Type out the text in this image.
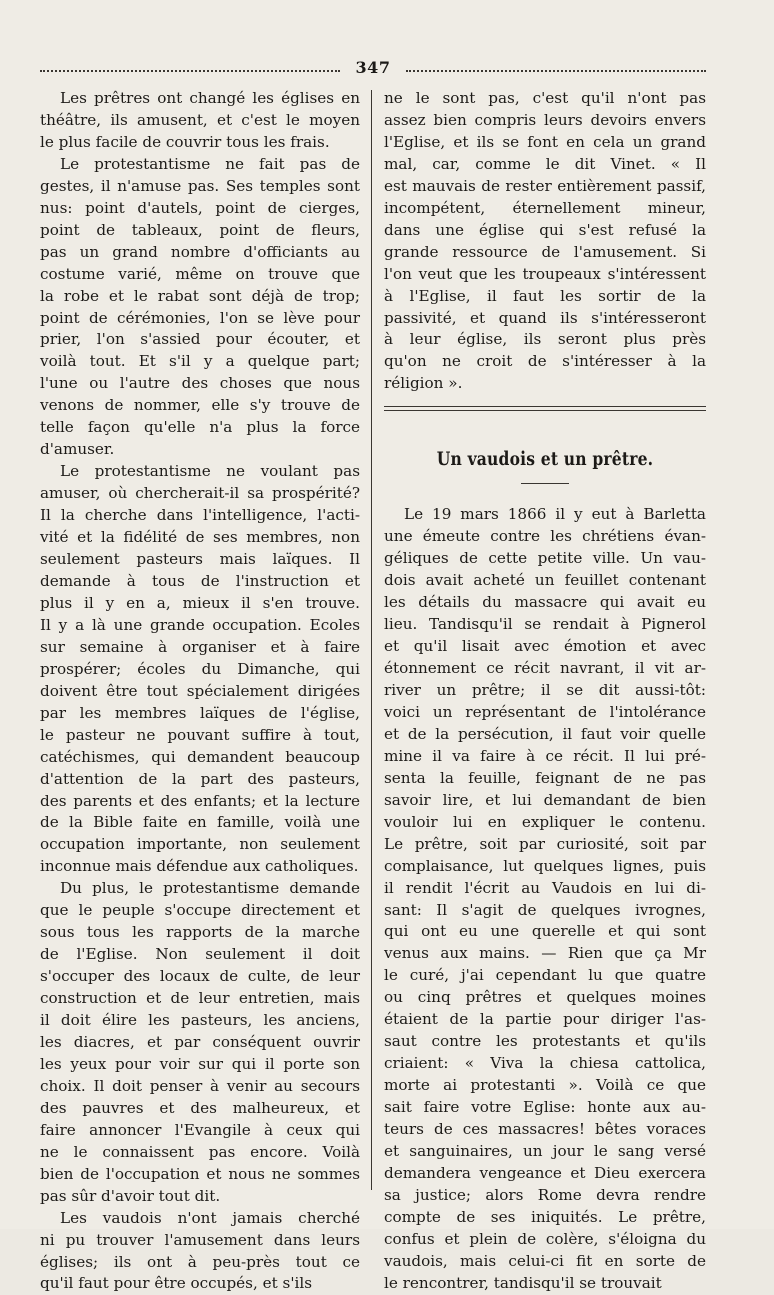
347

Les prêtres ont changé les églises en

théâtre, ils amusent, et c'est le moyen

le plus facile de couvrir tous les frais.

Le protestantisme ne fait pas de

gestes, il n'amuse pas. Ses temples sont

nus: point d'autels, point de cierges,

point de tableaux, point de fleurs,

pas un grand nombre d'officiants au

costume varié, même on trouve que

la robe et le rabat sont déjà de trop;

point de cérémonies, l'on se lève pour

prier, l'on s'assied pour écouter, et

voilà tout. Et s'il y a quelque part;

l'une ou l'autre des choses que nous

venons de nommer, elle s'y trouve de

telle façon qu'elle n'a plus la force

d'amuser.

Le protestantisme ne voulant pas

amuser, où chercherait-il sa prospérité?

Il la cherche dans l'intelligence, l'acti-

vité et la fidélité de ses membres, non

seulement pasteurs mais laïques. Il

demande à tous de l'instruction et

plus il y en a, mieux il s'en trouve.

Il y a là une grande occupation. Ecoles

sur semaine à organiser et à faire

prospérer; écoles du Dimanche, qui

doivent être tout spécialement dirigées

par les membres laïques de l'église,

le pasteur ne pouvant suffire à tout,

catéchismes, qui demandent beaucoup

d'attention de la part des pasteurs,

des parents et des enfants; et la lecture

de la Bible faite en famille, voilà une

occupation importante, non seulement

inconnue mais défendue aux catholiques.

Du plus, le protestantisme demande

que le peuple s'occupe directement et

sous tous les rapports de la marche

de l'Eglise. Non seulement il doit

s'occuper des locaux de culte, de leur

construction et de leur entretien, mais

il doit élire les pasteurs, les anciens,

les diacres, et par conséquent ouvrir

les yeux pour voir sur qui il porte son

choix. Il doit penser à venir au secours

des pauvres et des malheureux, et

faire annoncer l'Evangile à ceux qui

ne le connaissent pas encore. Voilà

bien de l'occupation et nous ne sommes

pas sûr d'avoir tout dit.

Les vaudois n'ont jamais cherché

ni pu trouver l'amusement dans leurs

églises; ils ont à peu-près tout ce

qu'il faut pour être occupés, et s'ils

ne le sont pas, c'est qu'il n'ont pas

assez bien compris leurs devoirs envers

l'Eglise, et ils se font en cela un grand

mal, car, comme le dit Vinet. « Il

est mauvais de rester entièrement passif,

incompétent, éternellement mineur,

dans une église qui s'est refusé la

grande ressource de l'amusement. Si

l'on veut que les troupeaux s'intéressent

à l'Eglise, il faut les sortir de la

passivité, et quand ils s'intéresseront

à leur église, ils seront plus près

qu'on ne croit de s'intéresser à la

réligion ».

Un vaudois et un prêtre.

Le 19 mars 1866 il y eut à Barletta

une émeute contre les chrétiens évan-

géliques de cette petite ville. Un vau-

dois avait acheté un feuillet contenant

les détails du massacre qui avait eu

lieu. Tandisqu'il se rendait à Pignerol

et qu'il lisait avec émotion et avec

étonnement ce récit navrant, il vit ar-

river un prêtre; il se dit aussi-tôt:

voici un représentant de l'intolérance

et de la persécution, il faut voir quelle

mine il va faire à ce récit. Il lui pré-

senta la feuille, feignant de ne pas

savoir lire, et lui demandant de bien

vouloir lui en expliquer le contenu.

Le prêtre, soit par curiosité, soit par

complaisance, lut quelques lignes, puis

il rendit l'écrit au Vaudois en lui di-

sant: Il s'agit de quelques ivrognes,

qui ont eu une querelle et qui sont

venus aux mains. — Rien que ça Mr

le curé, j'ai cependant lu que quatre

ou cinq prêtres et quelques moines

étaient de la partie pour diriger l'as-

saut contre les protestants et qu'ils

criaient: « Viva la chiesa cattolica,

morte ai protestanti ». Voilà ce que

sait faire votre Eglise: honte aux au-

teurs de ces massacres! bêtes voraces

et sanguinaires, un jour le sang versé

demandera vengeance et Dieu exercera

sa justice; alors Rome devra rendre

compte de ses iniquités. Le prêtre,

confus et plein de colère, s'éloigna du

vaudois, mais celui-ci fit en sorte de

le rencontrer, tandisqu'il se trouvait
